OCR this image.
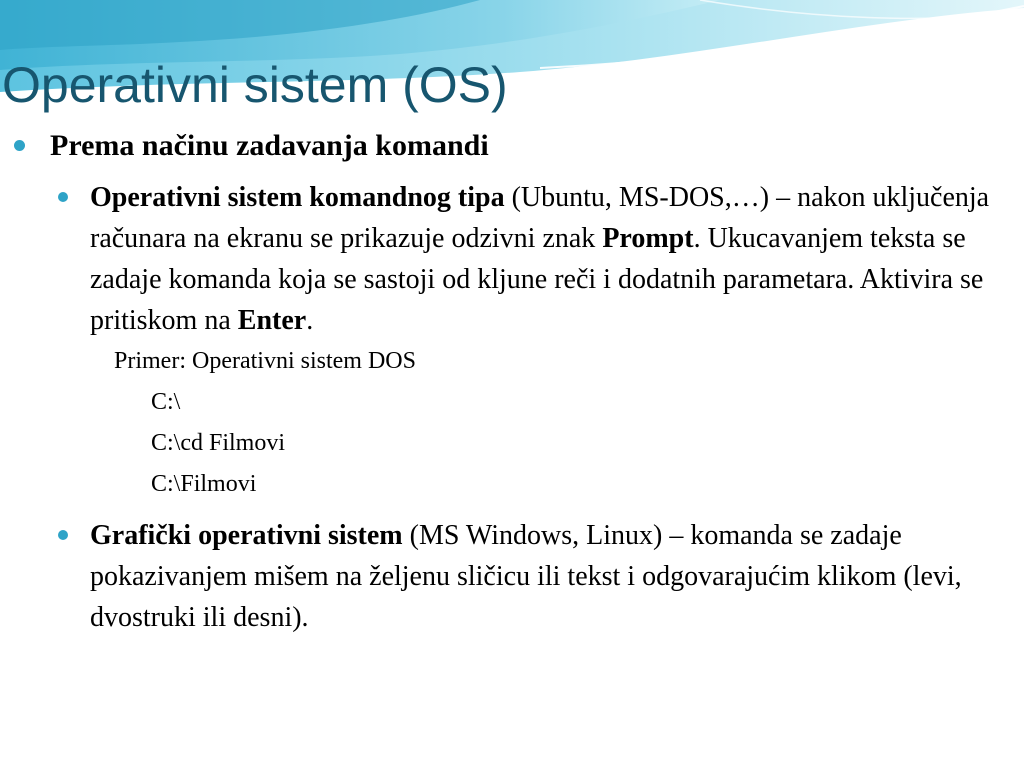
Operativni sistem (OS)
Prema načinu zadavanja komandi
Operativni sistem komandnog tipa (Ubuntu, MS-DOS,…) – nakon uključenja računara na ekranu se prikazuje odzivni znak Prompt. Ukucavanjem teksta se zadaje komanda koja se sastoji od kljune reči i dodatnih parametara. Aktivira se pritiskom na Enter.
Primer: Operativni sistem DOS
C:\
C:\cd Filmovi
C:\Filmovi
Grafički operativni sistem (MS Windows, Linux) – komanda se zadaje pokazivanjem mišem na željenu sličicu ili tekst i odgovarajućim klikom (levi, dvostruki ili desni).
